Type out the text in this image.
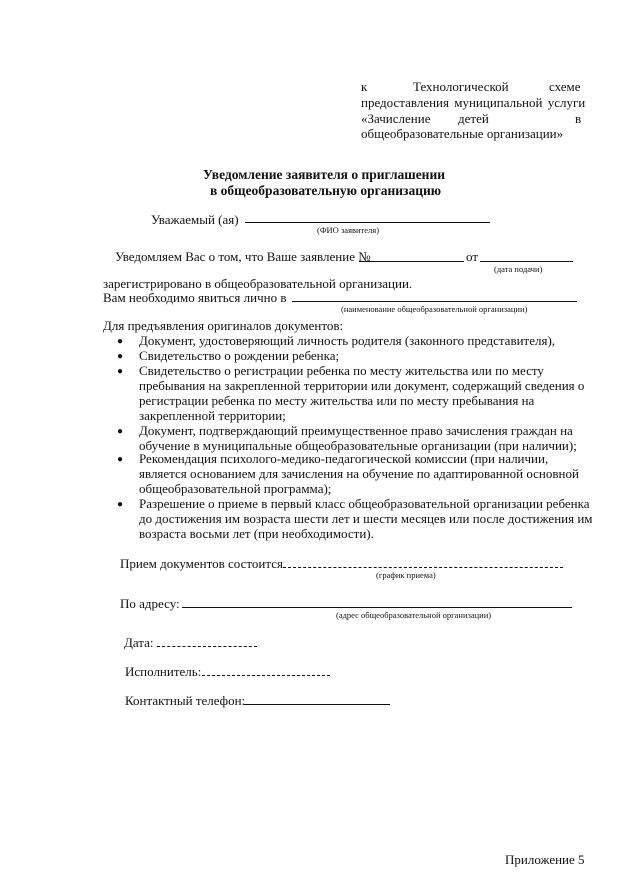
к	Технологической	схеме
предоставления муниципальной услуги
«Зачисление детей	в
общеобразовательные организации»
Уведомление заявителя о приглашении
в общеобразовательную организацию
Уважаемый (ая)
(ФИО заявителя)
Уведомляем Вас о том, что Ваше заявление №	от
(дата подачи)
зарегистрировано в общеобразовательной организации.
Вам необходимо явиться лично в
(наименование общеобразовательной организации)
Для предъявления оригиналов документов:
● Документ, удостоверяющий личность родителя (законного представителя),
● Свидетельство о рождении ребенка;
● Свидетельство о регистрации ребенка по месту жительства или по месту
пребывания на закрепленной территории или документ, содержащий сведения о
регистрации ребенка по месту жительства или по месту пребывания на
закрепленной территории;
● Документ, подтверждающий преимущественное право зачисления граждан на
обучение в муниципальные общеобразовательные организации (при наличии);
● Рекомендация психолого-медико-педагогической комиссии (при наличии,
является основанием для зачисления на обучение по адаптированной основной
общеобразовательной программа);
● Разрешение о приеме в первый класс общеобразовательной организации ребенка
до достижения им возраста шести лет и шести месяцев или после достижения им
возраста восьми лет (при необходимости).
Прием документов состоится
(график приема)
По адресу:
(адрес общеобразовательной организации)
Дата:
Исполнитель:
Контактный телефон:
Приложение 5
